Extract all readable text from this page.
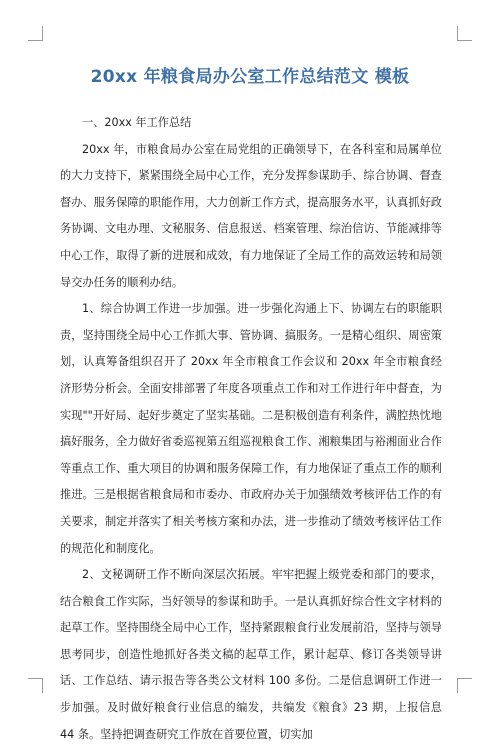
20xx 年粮食局办公室工作总结范文 模板

一、20xx 年工作总结

20xx 年，市粮食局办公室在局党组的正确领导下，在各科室和局属单位的大力支持下，紧紧围绕全局中心工作，充分发挥参谋助手、综合协调、督查督办、服务保障的职能作用，大力创新工作方式，提高服务水平，认真抓好政务协调、文电办理、文秘服务、信息报送、档案管理、综治信访、节能减排等中心工作，取得了新的进展和成效，有力地保证了全局工作的高效运转和局领导交办任务的顺利办结。

1、综合协调工作进一步加强。进一步强化沟通上下、协调左右的职能职责，坚持围绕全局中心工作抓大事、管协调、搞服务。一是精心组织、周密策划，认真筹备组织召开了 20xx 年全市粮食工作会议和 20xx 年全市粮食经济形势分析会。全面安排部署了年度各项重点工作和对工作进行年中督查，为实现""开好局、起好步奠定了坚实基础。二是积极创造有利条件，满腔热忱地搞好服务，全力做好省委巡视第五组巡视粮食工作、湘粮集团与裕湘面业合作等重点工作、重大项目的协调和服务保障工作，有力地保证了重点工作的顺利推进。三是根据省粮食局和市委办、市政府办关于加强绩效考核评估工作的有关要求，制定并落实了相关考核方案和办法，进一步推动了绩效考核评估工作的规范化和制度化。

2、文秘调研工作不断向深层次拓展。牢牢把握上级党委和部门的要求，结合粮食工作实际，当好领导的参谋和助手。一是认真抓好综合性文字材料的起草工作。坚持围绕全局中心工作，坚持紧跟粮食行业发展前沿，坚持与领导思考同步，创造性地抓好各类文稿的起草工作，累计起草、修订各类领导讲话、工作总结、请示报告等各类公文材料 100 多份。二是信息调研工作进一步加强。及时做好粮食行业信息的编发，共编发《粮食》23 期，上报信息 44 条。坚持把调查研究工作放在首要位置，切实加
